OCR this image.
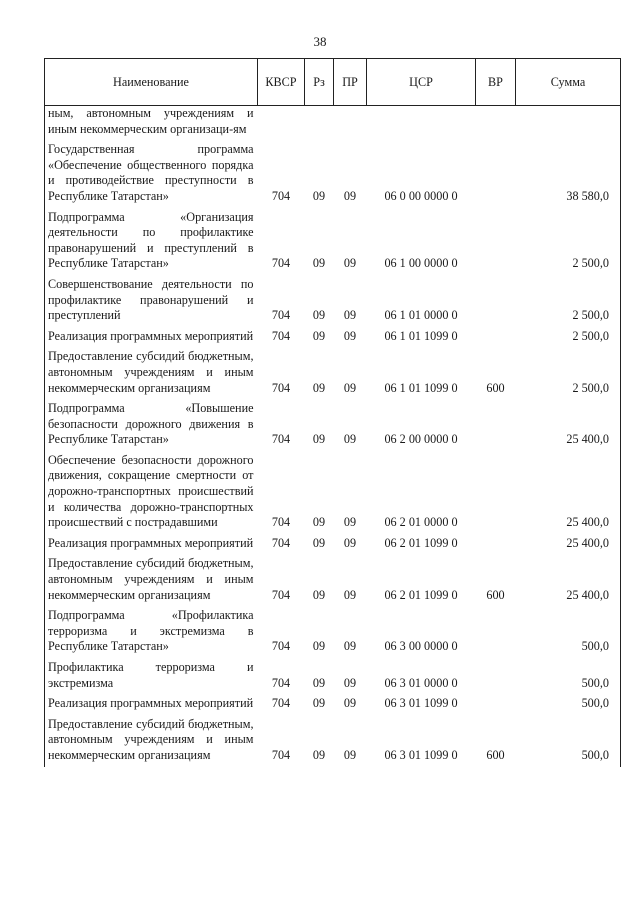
38
Наименование	КВСР	Рз	ПР	ЦСР	ВР	Сумма
ным, автономным учреждениям и иным некоммерческим организаци-ям						
Государственная программа «Обеспечение общественного порядка и противодействие преступности в Республике Татарстан»	704	09	09	06 0 00 0000 0		38 580,0
Подпрограмма «Организация деятельности по профилактике правонарушений и преступлений в Республике Татарстан»	704	09	09	06 1 00 0000 0		2 500,0
Совершенствование деятельности по профилактике правонарушений и преступлений	704	09	09	06 1 01 0000 0		2 500,0
Реализация программных мероприятий	704	09	09	06 1 01 1099 0		2 500,0
Предоставление субсидий бюджетным, автономным учреждениям и иным некоммерческим организациям	704	09	09	06 1 01 1099 0	600	2 500,0
Подпрограмма «Повышение безопасности дорожного движения в Республике Татарстан»	704	09	09	06 2 00 0000 0		25 400,0
Обеспечение безопасности дорожного движения, сокращение смертности от дорожно-транспортных происшествий и количества дорожно-транспортных происшествий с пострадавшими	704	09	09	06 2 01 0000 0		25 400,0
Реализация программных мероприятий	704	09	09	06 2 01 1099 0		25 400,0
Предоставление субсидий бюджетным, автономным учреждениям и иным некоммерческим организациям	704	09	09	06 2 01 1099 0	600	25 400,0
Подпрограмма «Профилактика терроризма и экстремизма в Республике Татарстан»	704	09	09	06 3 00 0000 0		500,0
Профилактика терроризма и экстремизма	704	09	09	06 3 01 0000 0		500,0
Реализация программных мероприятий	704	09	09	06 3 01 1099 0		500,0
Предоставление субсидий бюджетным, автономным учреждениям и иным некоммерческим организациям	704	09	09	06 3 01 1099 0	600	500,0
